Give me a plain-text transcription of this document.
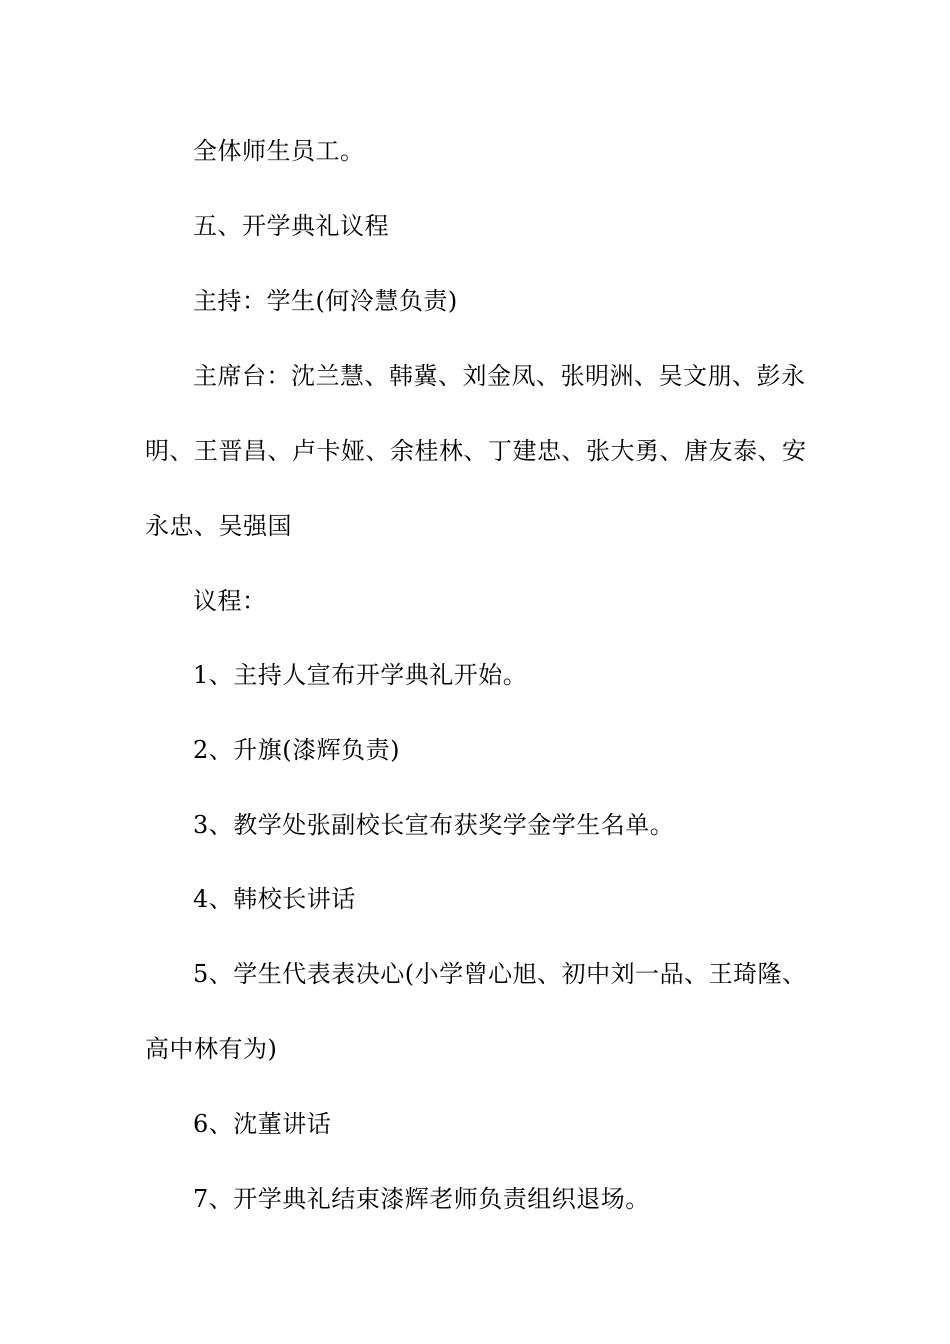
全体师生员工。
五、开学典礼议程
主持：学生(何泠慧负责)
主席台：沈兰慧、韩冀、刘金凤、张明洲、吴文朋、彭永
明、王晋昌、卢卡娅、余桂林、丁建忠、张大勇、唐友泰、安
永忠、吴强国
议程：
1、主持人宣布开学典礼开始。
2、升旗(漆辉负责)
3、教学处张副校长宣布获奖学金学生名单。
4、韩校长讲话
5、学生代表表决心(小学曾心旭、初中刘一品、王琦隆、
高中林有为)
6、沈董讲话
7、开学典礼结束漆辉老师负责组织退场。
